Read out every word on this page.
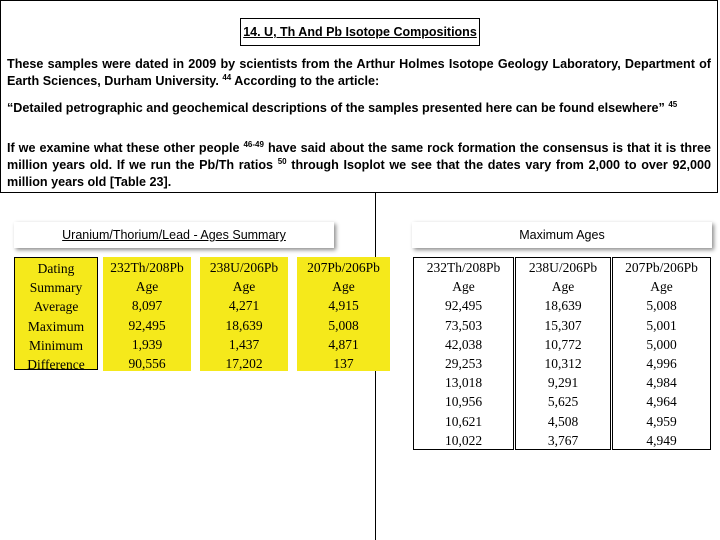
14. U, Th And Pb Isotope Compositions

These samples were dated in 2009 by scientists from the Arthur Holmes Isotope Geology Laboratory, Department of Earth Sciences, Durham University. $^{44}$ According to the article:

“Detailed petrographic and geochemical descriptions of the samples presented here can be found elsewhere” $^{45}$

If we examine what these other people $^{46-49}$ have said about the same rock formation the consensus is that it is three million years old. If we run the Pb/Th ratios $^{50}$ through Isoplot we see that the dates vary from 2,000 to over 92,000 million years old [Table 23].

Uranium/Thorium/Lead - Ages Summary
Dating
Summary
Average
Maximum
Minimum
Difference
232Th/208Pb
Age
8,097
92,495
1,939
90,556
238U/206Pb
Age
4,271
18,639
1,437
17,202
207Pb/206Pb
Age
4,915
5,008
4,871
137
Maximum Ages
232Th/208Pb
Age
92,495
73,503
42,038
29,253
13,018
10,956
10,621
10,022
238U/206Pb
Age
18,639
15,307
10,772
10,312
9,291
5,625
4,508
3,767
207Pb/206Pb
Age
5,008
5,001
5,000
4,996
4,984
4,964
4,959
4,949
